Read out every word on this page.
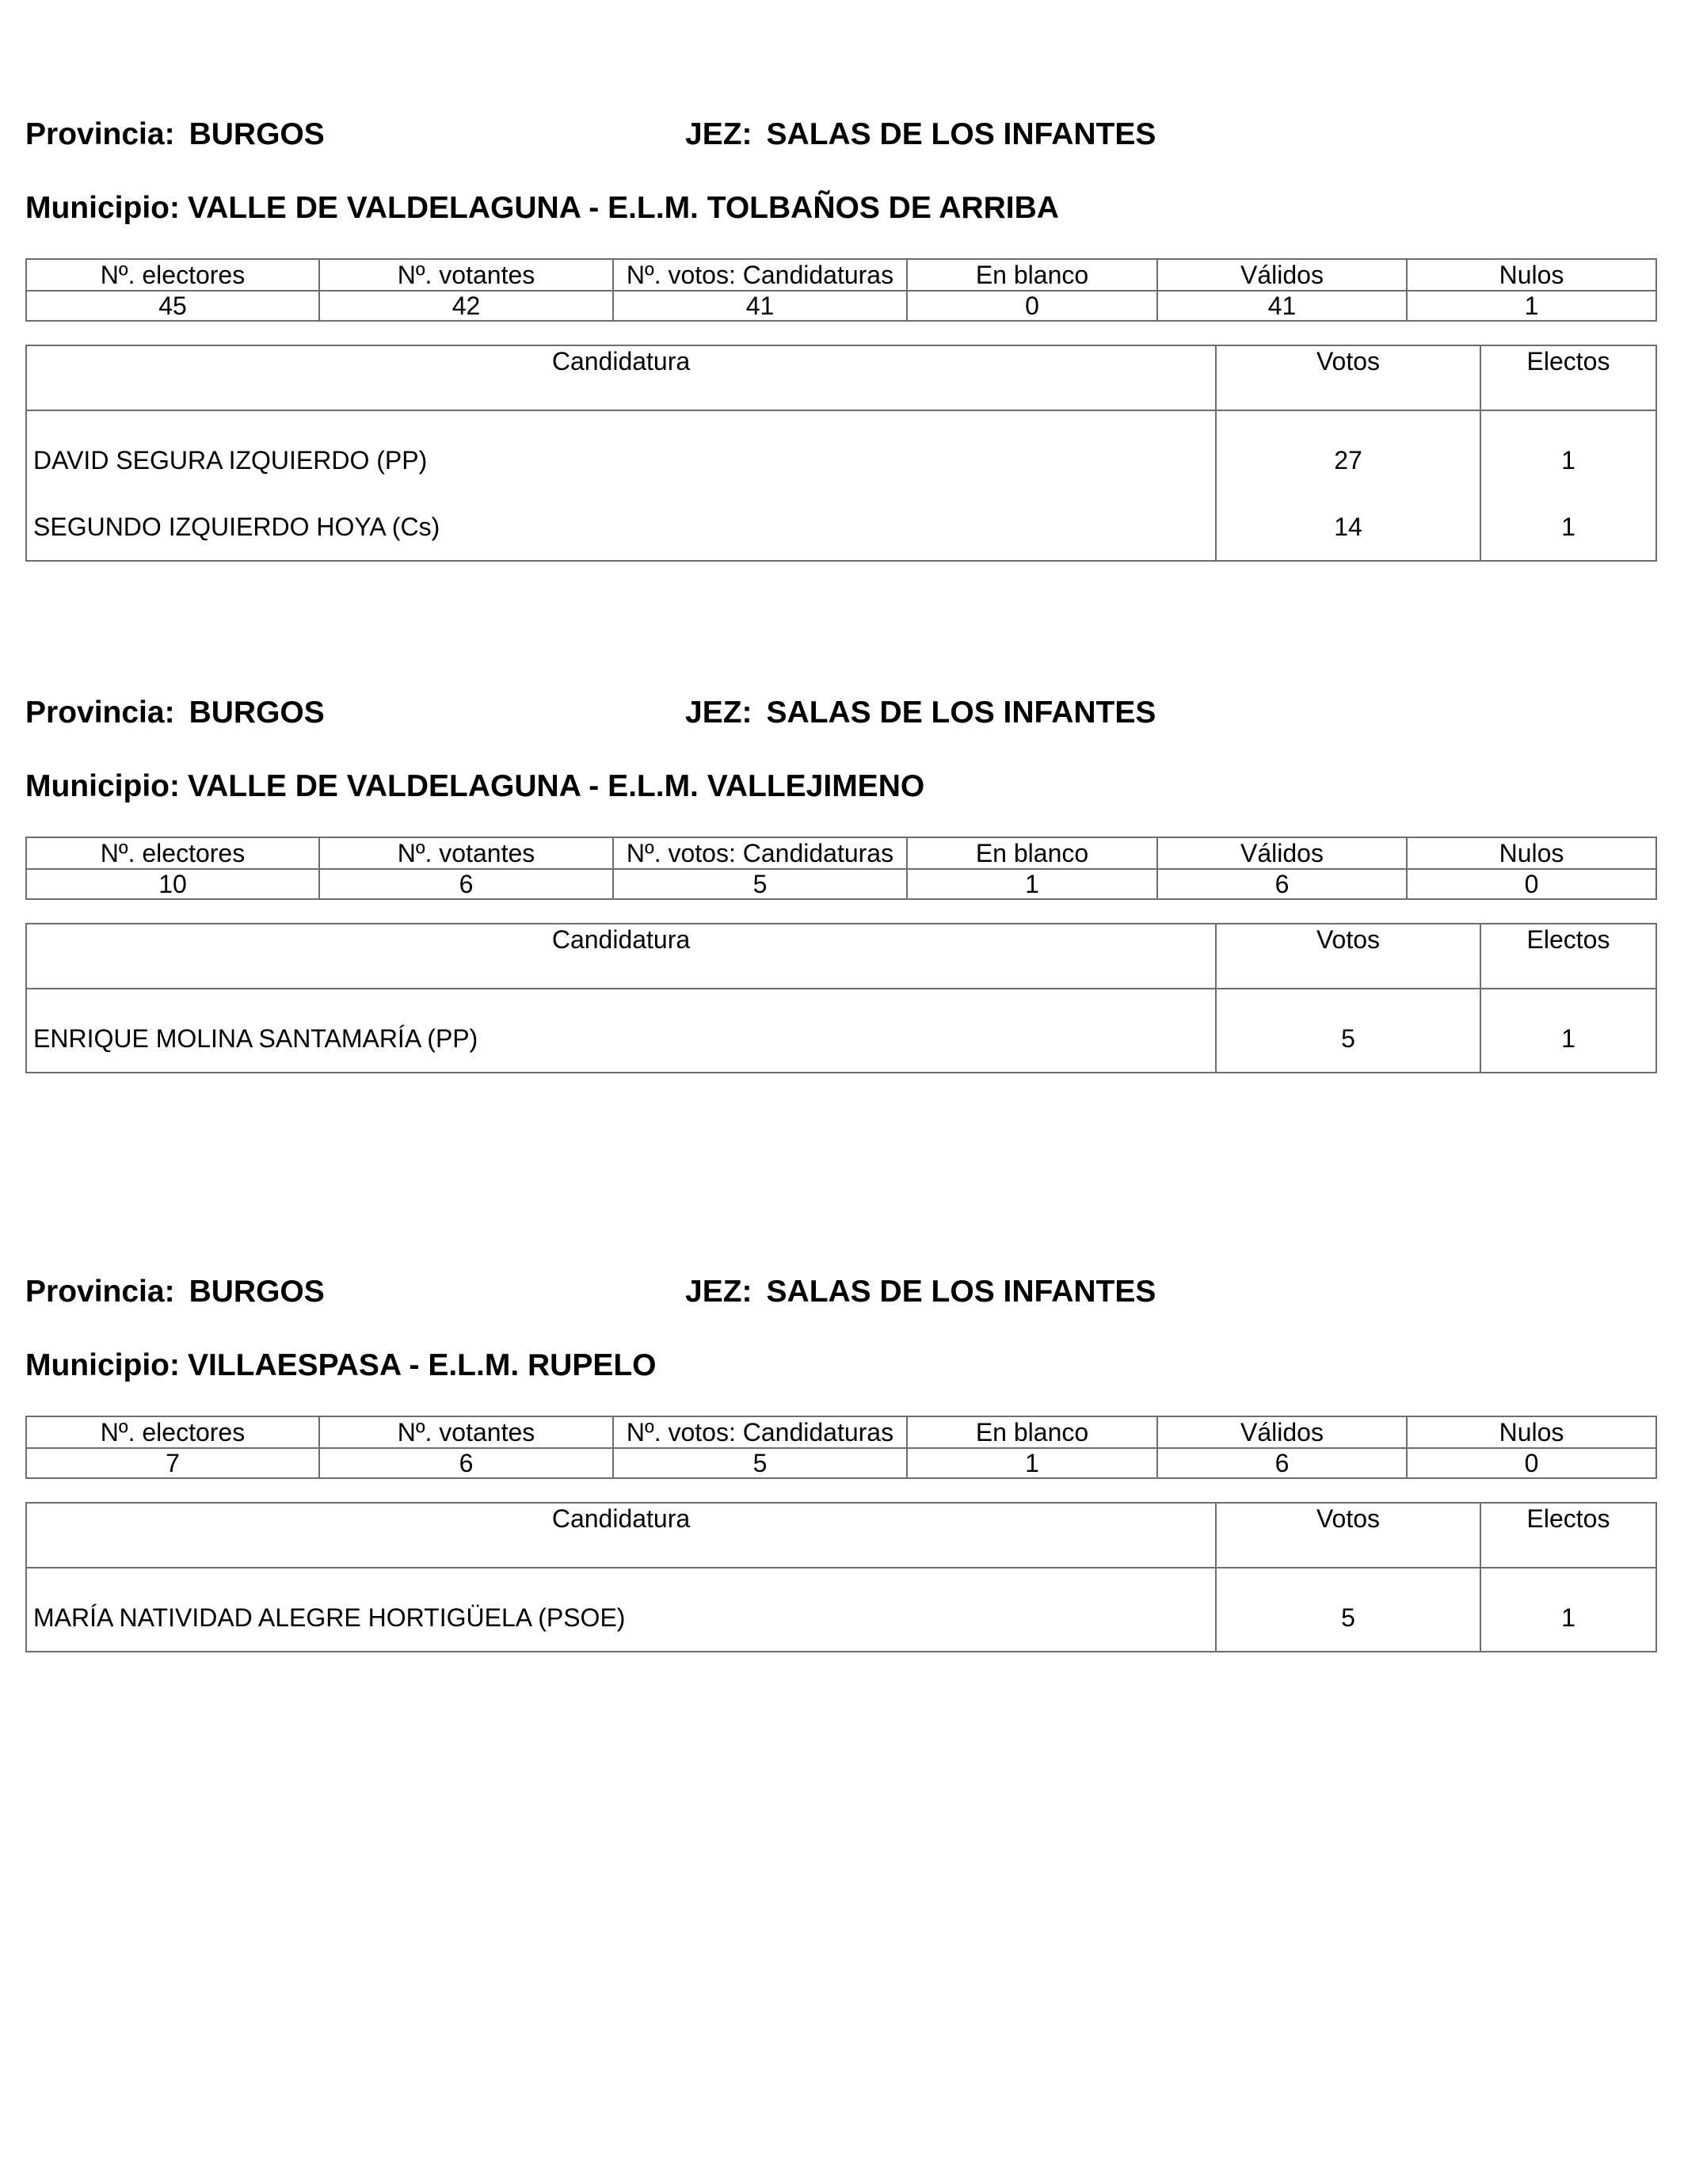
Provincia: BURGOS	JEZ: SALAS DE LOS INFANTES
Municipio: VALLE DE VALDELAGUNA - E.L.M. TOLBAÑOS DE ARRIBA
Nº. electores	Nº. votantes	Nº. votos: Candidaturas	En blanco	Válidos	Nulos
45	42	41	0	41	1
Candidatura	Votos	Electos
DAVID SEGURA IZQUIERDO (PP)	27	1
SEGUNDO IZQUIERDO HOYA (Cs)	14	1
Provincia: BURGOS	JEZ: SALAS DE LOS INFANTES
Municipio: VALLE DE VALDELAGUNA - E.L.M. VALLEJIMENO
Nº. electores	Nº. votantes	Nº. votos: Candidaturas	En blanco	Válidos	Nulos
10	6	5	1	6	0
Candidatura	Votos	Electos
ENRIQUE MOLINA SANTAMARÍA (PP)	5	1
Provincia: BURGOS	JEZ: SALAS DE LOS INFANTES
Municipio: VILLAESPASA - E.L.M. RUPELO
Nº. electores	Nº. votantes	Nº. votos: Candidaturas	En blanco	Válidos	Nulos
7	6	5	1	6	0
Candidatura	Votos	Electos
MARÍA NATIVIDAD ALEGRE HORTIGÜELA (PSOE)	5	1
